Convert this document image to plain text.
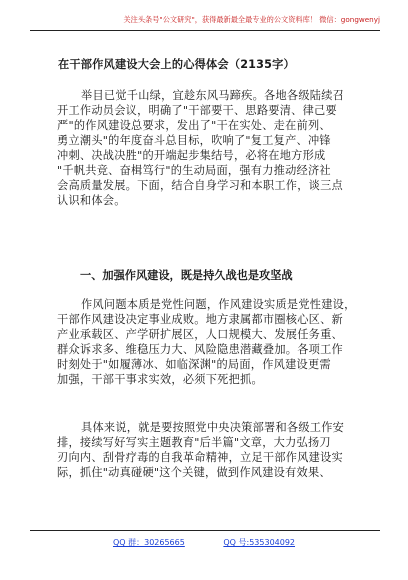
关注头条号"公文研究"，获得最新最全最专业的公文资料库！ 微信：gongwenyj
在干部作风建设大会上的心得体会（2135字）
举目已觉千山绿，宜趁东风马蹄疾。各地各级陆续召
开工作动员会议，明确了"干部要干、思路要清、律己要
严"的作风建设总要求，发出了"干在实处、走在前列、
勇立潮头"的年度奋斗总目标，吹响了"复工复产、冲锋
冲刺、决战决胜"的开端起步集结号，必将在地方形成
"千帆共竞、奋楫笃行"的生动局面，强有力推动经济社
会高质量发展。下面，结合自身学习和本职工作，谈三点
认识和体会。
一、加强作风建设，既是持久战也是攻坚战
作风问题本质是党性问题，作风建设实质是党性建设，
干部作风建设决定事业成败。地方隶属都市圈核心区、新
产业承载区、产学研扩展区，人口规模大、发展任务重、
群众诉求多、维稳压力大、风险隐患潜藏叠加。各项工作
时刻处于"如履薄冰、如临深渊"的局面，作风建设更需
加强，干部干事求实效，必须下死把抓。
具体来说，就是要按照党中央决策部署和各级工作安
排，接续写好写实主题教育"后半篇"文章，大力弘扬刀
刃向内、刮骨疗毒的自我革命精神，立足干部作风建设实
际，抓住"动真碰硬"这个关键，做到作风建设有效果、
QQ 群：30265665	QQ 号:535304092
